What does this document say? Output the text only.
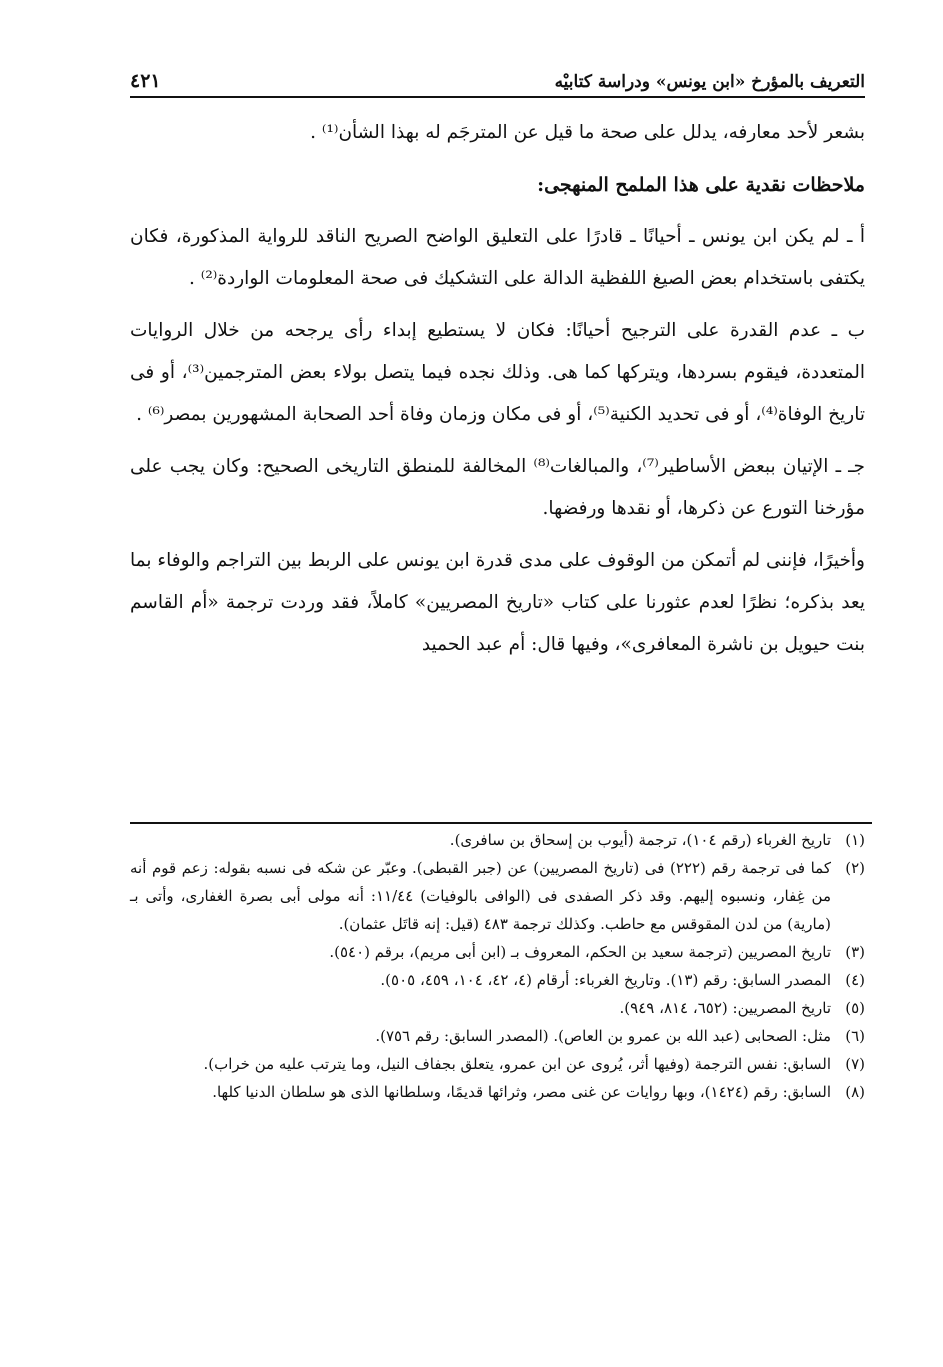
التعريف بالمؤرخ «ابن يونس» ودراسة كتابيْه
٤٢١

بشعر لأحد معارفه، يدلل على صحة ما قيل عن المترجَم له بهذا الشأن⁽¹⁾ .

ملاحظات نقدية على هذا الملمح المنهجى:

أ ـ لم يكن ابن يونس ـ أحيانًا ـ قادرًا على التعليق الواضح الصريح الناقد للرواية المذكورة، فكان يكتفى باستخدام بعض الصيغ اللفظية الدالة على التشكيك فى صحة المعلومات الواردة⁽²⁾ .

ب ـ عدم القدرة على الترجيح أحيانًا: فكان لا يستطيع إبداء رأى يرجحه من خلال الروايات المتعددة، فيقوم بسردها، ويتركها كما هى. وذلك نجده فيما يتصل بولاء بعض المترجمين⁽³⁾، أو فى تاريخ الوفاة⁽⁴⁾، أو فى تحديد الكنية⁽⁵⁾، أو فى مكان وزمان وفاة أحد الصحابة المشهورين بمصر⁽⁶⁾ .

جـ ـ الإتيان ببعض الأساطير⁽⁷⁾، والمبالغات⁽⁸⁾ المخالفة للمنطق التاريخى الصحيح: وكان يجب على مؤرخنا التورع عن ذكرها، أو نقدها ورفضها.

وأخيرًا، فإننى لم أتمكن من الوقوف على مدى قدرة ابن يونس على الربط بين التراجم والوفاء بما يعد بذكره؛ نظرًا لعدم عثورنا على كتاب «تاريخ المصريين» كاملاً، فقد وردت ترجمة «أم القاسم بنت حيويل بن ناشرة المعافرى»، وفيها قال: أم عبد الحميد

(١)تاريخ الغرباء (رقم ١٠٤)، ترجمة (أيوب بن إسحاق بن سافرى).

(٢)كما فى ترجمة رقم (٢٢٢) فى (تاريخ المصريين) عن (جبر القبطى). وعبّر عن شكه فى نسبه بقوله: زعم قوم أنه من غِفار، ونسبوه إليهم. وقد ذكر الصفدى فى (الوافى بالوفيات) ١١/٤٤: أنه مولى أبى بصرة الغفارى، وأتى بـ (مارية) من لدن المقوقس مع حاطب. وكذلك ترجمة ٤٨٣ (قيل: إنه قاتَل عثمان).

(٣)تاريخ المصريين (ترجمة سعيد بن الحكم، المعروف بـ (ابن أبى مريم)، برقم (٥٤٠).

(٤)المصدر السابق: رقم (١٣). وتاريخ الغرباء: أرقام (٤، ٤٢، ١٠٤، ٤٥٩، ٥٠٥).

(٥)تاريخ المصريين: (٦٥٢، ٨١٤، ٩٤٩).

(٦)مثل: الصحابى (عبد الله بن عمرو بن العاص). (المصدر السابق: رقم ٧٥٦).

(٧)السابق: نفس الترجمة (وفيها أثر، يُروى عن ابن عمرو، يتعلق بجفاف النيل، وما يترتب عليه من خراب).

(٨)السابق: رقم (١٤٢٤)، وبها روايات عن غنى مصر، وثرائها قديمًا، وسلطانها الذى هو سلطان الدنيا كلها.
